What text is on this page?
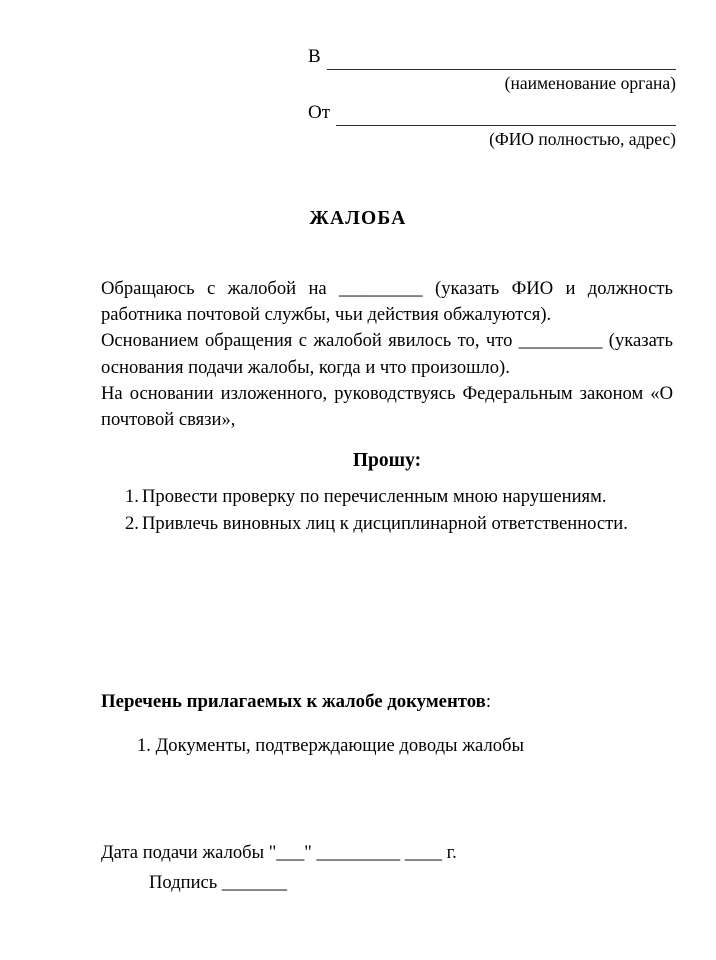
В
(наименование органа)
От
(ФИО полностью, адрес)
ЖАЛОБА

Обращаюсь с жалобой на _________ (указать ФИО и должность работника почтовой службы, чьи действия обжалуются).

Основанием обращения с жалобой явилось то, что _________ (указать основания подачи жалобы, когда и что произошло).

На основании изложенного, руководствуясь Федеральным законом «О почтовой связи»,

Прошу:
1. Провести проверку по перечисленным мною нарушениям.
2. Привлечь виновных лиц к дисциплинарной ответственности.
Перечень прилагаемых к жалобе документов:
1. Документы, подтверждающие доводы жалобы
Дата подачи жалобы "___" _________ ____ г.
Подпись _______
